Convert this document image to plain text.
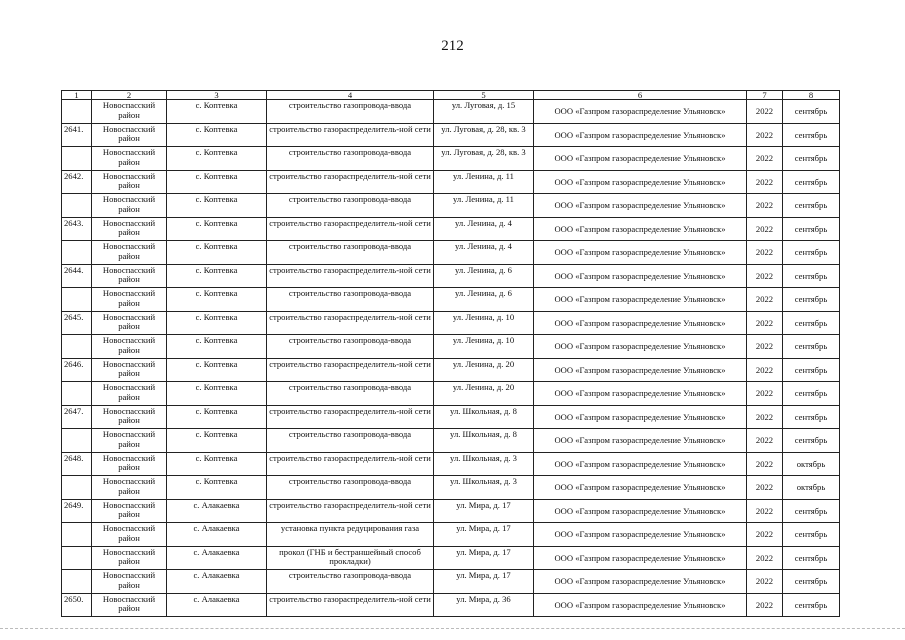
212
1	2	3	4	5	6	7	8
	Новоспасский район	с. Коптевка	строительство газопровода-ввода	ул. Луговая, д. 15	ООО «Газпром газораспределение Ульяновск»	2022	сентябрь
2641.	Новоспасский район	с. Коптевка	строительство газораспределитель-ной сети	ул. Луговая, д. 28, кв. 3	ООО «Газпром газораспределение Ульяновск»	2022	сентябрь
	Новоспасский район	с. Коптевка	строительство газопровода-ввода	ул. Луговая, д. 28, кв. 3	ООО «Газпром газораспределение Ульяновск»	2022	сентябрь
2642.	Новоспасский район	с. Коптевка	строительство газораспределитель-ной сети	ул. Ленина, д. 11	ООО «Газпром газораспределение Ульяновск»	2022	сентябрь
	Новоспасский район	с. Коптевка	строительство газопровода-ввода	ул. Ленина, д. 11	ООО «Газпром газораспределение Ульяновск»	2022	сентябрь
2643.	Новоспасский район	с. Коптевка	строительство газораспределитель-ной сети	ул. Ленина, д. 4	ООО «Газпром газораспределение Ульяновск»	2022	сентябрь
	Новоспасский район	с. Коптевка	строительство газопровода-ввода	ул. Ленина, д. 4	ООО «Газпром газораспределение Ульяновск»	2022	сентябрь
2644.	Новоспасский район	с. Коптевка	строительство газораспределитель-ной сети	ул. Ленина, д. 6	ООО «Газпром газораспределение Ульяновск»	2022	сентябрь
	Новоспасский район	с. Коптевка	строительство газопровода-ввода	ул. Ленина, д. 6	ООО «Газпром газораспределение Ульяновск»	2022	сентябрь
2645.	Новоспасский район	с. Коптевка	строительство газораспределитель-ной сети	ул. Ленина, д. 10	ООО «Газпром газораспределение Ульяновск»	2022	сентябрь
	Новоспасский район	с. Коптевка	строительство газопровода-ввода	ул. Ленина, д. 10	ООО «Газпром газораспределение Ульяновск»	2022	сентябрь
2646.	Новоспасский район	с. Коптевка	строительство газораспределитель-ной сети	ул. Ленина, д. 20	ООО «Газпром газораспределение Ульяновск»	2022	сентябрь
	Новоспасский район	с. Коптевка	строительство газопровода-ввода	ул. Ленина, д. 20	ООО «Газпром газораспределение Ульяновск»	2022	сентябрь
2647.	Новоспасский район	с. Коптевка	строительство газораспределитель-ной сети	ул. Школьная, д. 8	ООО «Газпром газораспределение Ульяновск»	2022	сентябрь
	Новоспасский район	с. Коптевка	строительство газопровода-ввода	ул. Школьная, д. 8	ООО «Газпром газораспределение Ульяновск»	2022	сентябрь
2648.	Новоспасский район	с. Коптевка	строительство газораспределитель-ной сети	ул. Школьная, д. 3	ООО «Газпром газораспределение Ульяновск»	2022	октябрь
	Новоспасский район	с. Коптевка	строительство газопровода-ввода	ул. Школьная, д. 3	ООО «Газпром газораспределение Ульяновск»	2022	октябрь
2649.	Новоспасский район	с. Алакаевка	строительство газораспределитель-ной сети	ул. Мира, д. 17	ООО «Газпром газораспределение Ульяновск»	2022	сентябрь
	Новоспасский район	с. Алакаевка	установка пункта редуцирования газа	ул. Мира, д. 17	ООО «Газпром газораспределение Ульяновск»	2022	сентябрь
	Новоспасский район	с. Алакаевка	прокол (ГНБ и бестраншейный способ прокладки)	ул. Мира, д. 17	ООО «Газпром газораспределение Ульяновск»	2022	сентябрь
	Новоспасский район	с. Алакаевка	строительство газопровода-ввода	ул. Мира, д. 17	ООО «Газпром газораспределение Ульяновск»	2022	сентябрь
2650.	Новоспасский район	с. Алакаевка	строительство газораспределитель-ной сети	ул. Мира, д. 36	ООО «Газпром газораспределение Ульяновск»	2022	сентябрь
